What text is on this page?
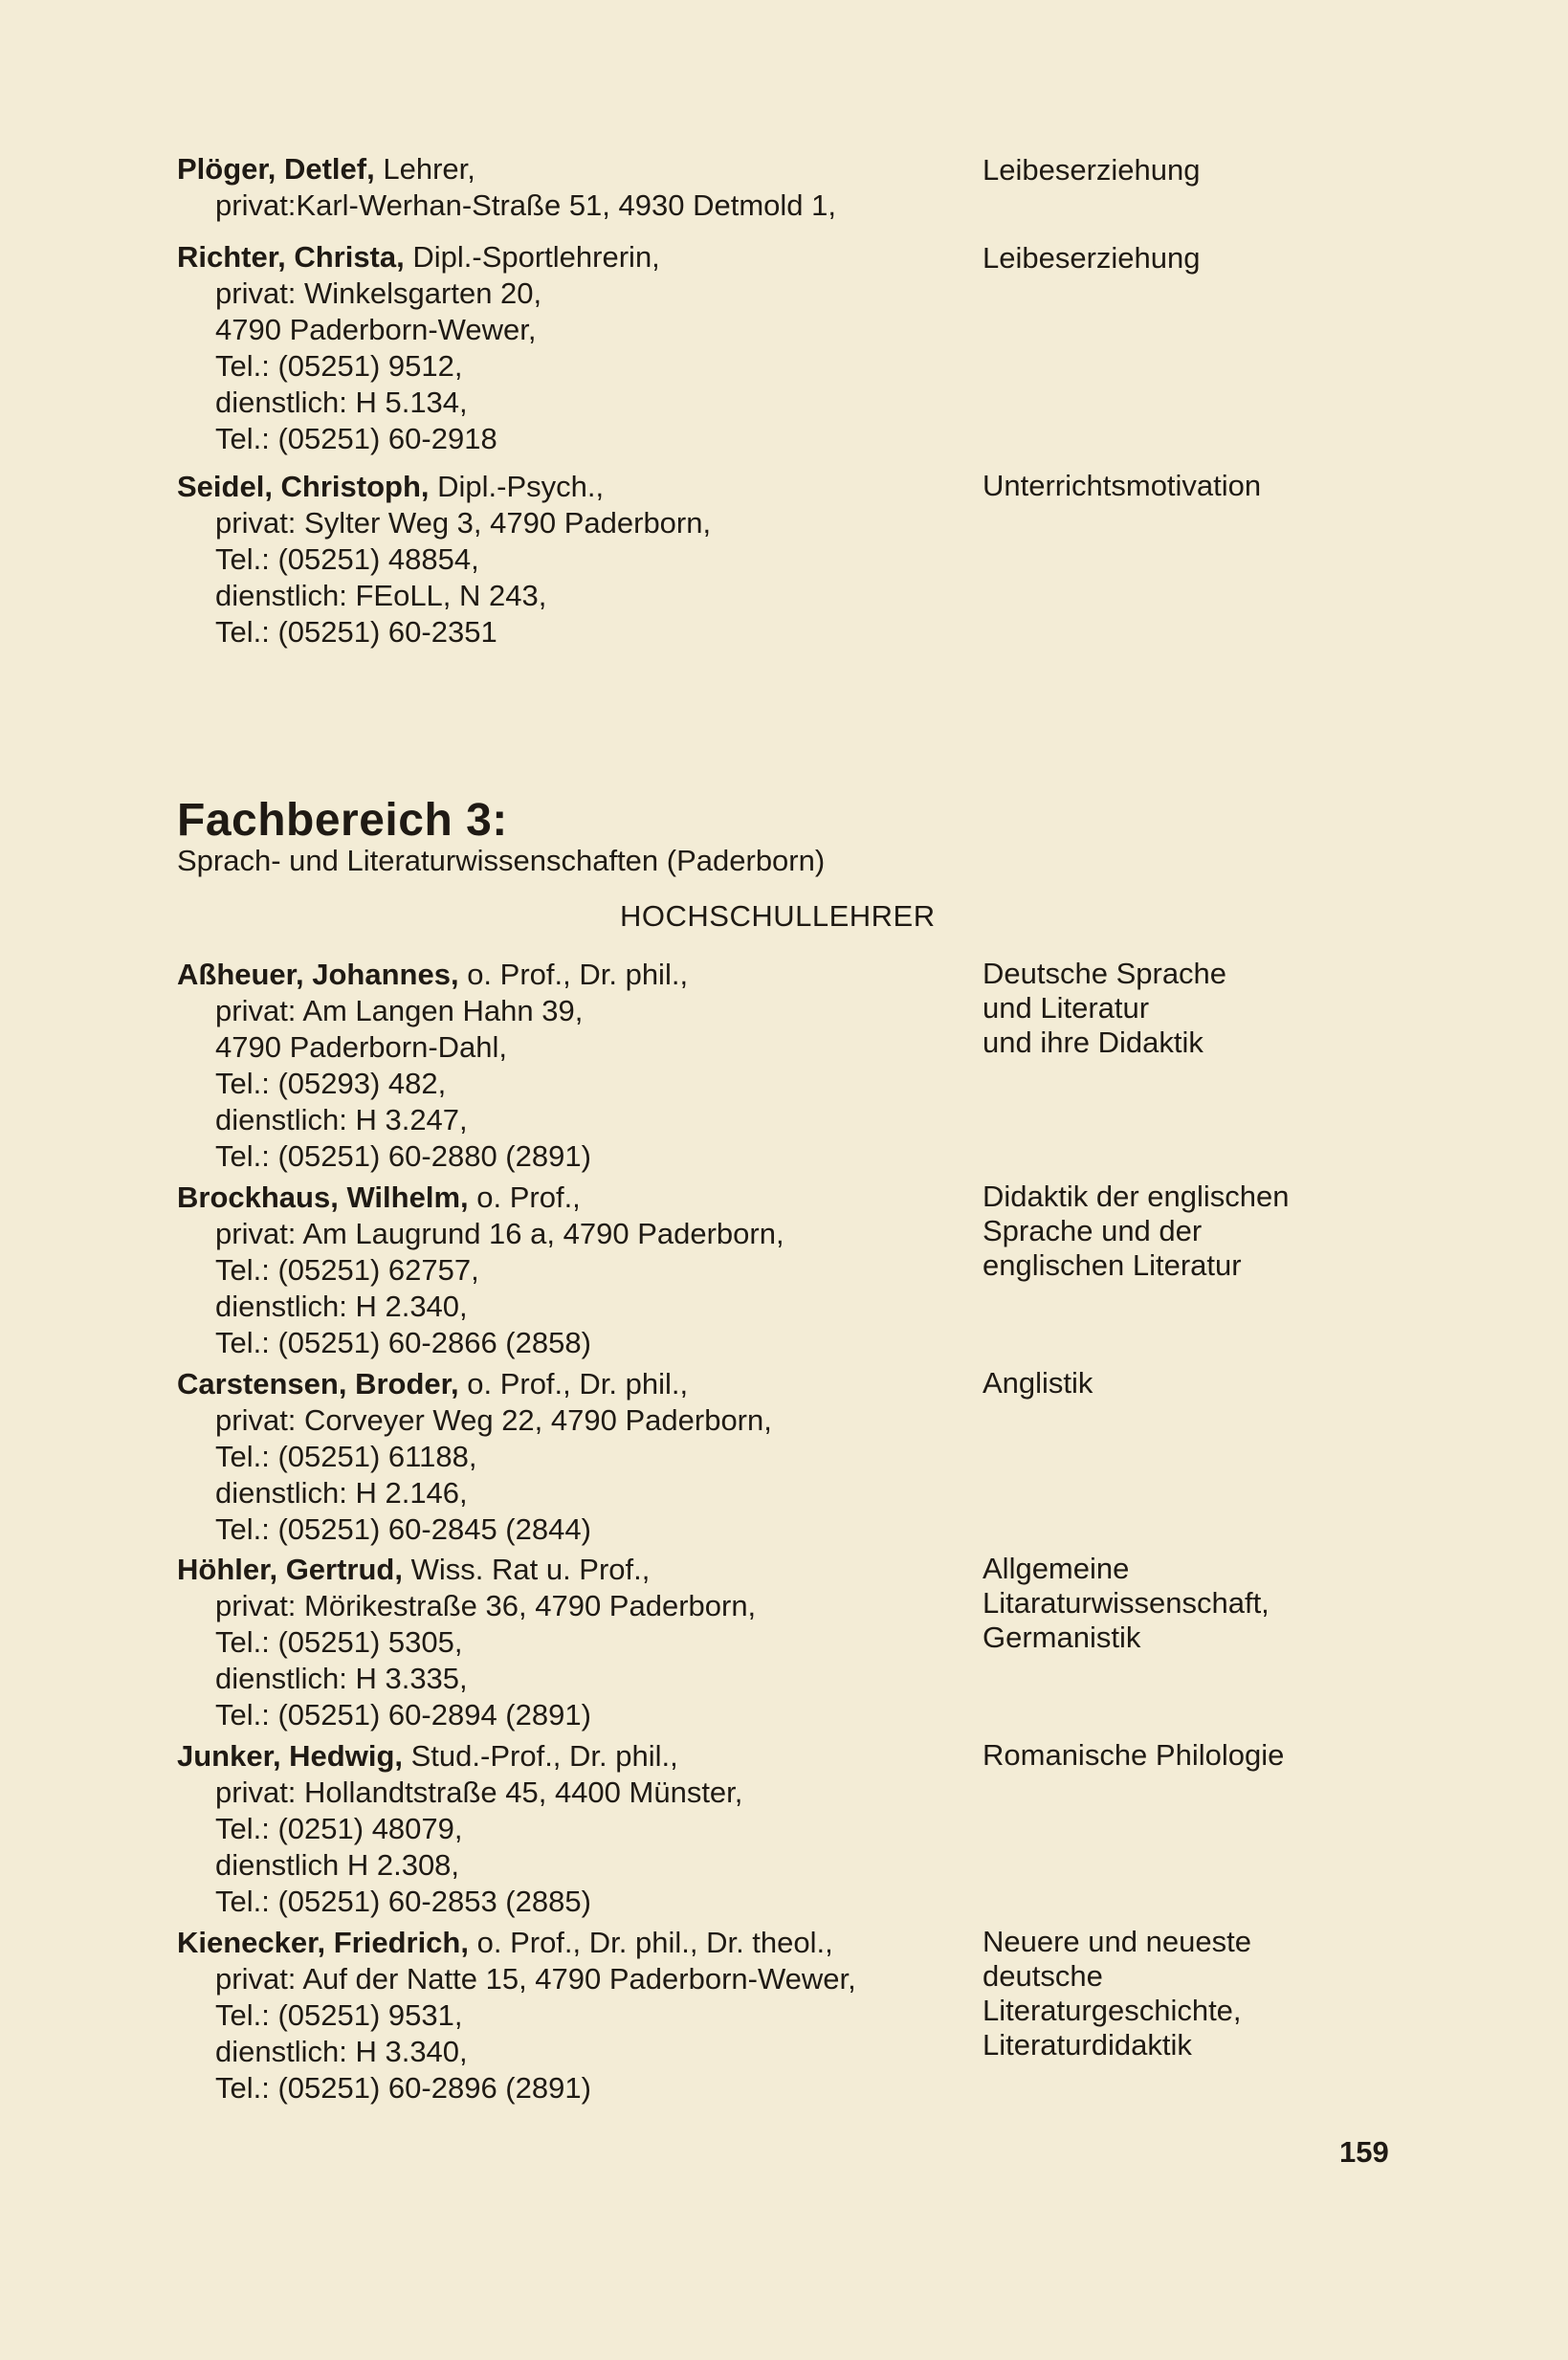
Plöger, Detlef, Lehrer,
privat:Karl-Werhan-Straße 51, 4930 Detmold 1,
Leibeserziehung
Richter, Christa, Dipl.-Sportlehrerin,
privat: Winkelsgarten 20,
4790 Paderborn-Wewer,
Tel.: (05251) 9512,
dienstlich: H 5.134,
Tel.: (05251) 60-2918
Leibeserziehung
Seidel, Christoph, Dipl.-Psych.,
privat: Sylter Weg 3, 4790 Paderborn,
Tel.: (05251) 48854,
dienstlich: FEoLL, N 243,
Tel.: (05251) 60-2351
Unterrichtsmotivation
Fachbereich 3:
Sprach- und Literaturwissenschaften (Paderborn)
HOCHSCHULLEHRER
Aßheuer, Johannes, o. Prof., Dr. phil.,
privat: Am Langen Hahn 39,
4790 Paderborn-Dahl,
Tel.: (05293) 482,
dienstlich: H 3.247,
Tel.: (05251) 60-2880 (2891)
Deutsche Sprache
und Literatur
und ihre Didaktik
Brockhaus, Wilhelm, o. Prof.,
privat: Am Laugrund 16 a, 4790 Paderborn,
Tel.: (05251) 62757,
dienstlich: H 2.340,
Tel.: (05251) 60-2866 (2858)
Didaktik der englischen
Sprache und der
englischen Literatur
Carstensen, Broder, o. Prof., Dr. phil.,
privat: Corveyer Weg 22, 4790 Paderborn,
Tel.: (05251) 61188,
dienstlich: H 2.146,
Tel.: (05251) 60-2845 (2844)
Anglistik
Höhler, Gertrud, Wiss. Rat u. Prof.,
privat: Mörikestraße 36, 4790 Paderborn,
Tel.: (05251) 5305,
dienstlich: H 3.335,
Tel.: (05251) 60-2894 (2891)
Allgemeine
Litaraturwissenschaft,
Germanistik
Junker, Hedwig, Stud.-Prof., Dr. phil.,
privat: Hollandtstraße 45, 4400 Münster,
Tel.: (0251) 48079,
dienstlich H 2.308,
Tel.: (05251) 60-2853 (2885)
Romanische Philologie
Kienecker, Friedrich, o. Prof., Dr. phil., Dr. theol.,
privat: Auf der Natte 15, 4790 Paderborn-Wewer,
Tel.: (05251) 9531,
dienstlich: H 3.340,
Tel.: (05251) 60-2896 (2891)
Neuere und neueste
deutsche
Literaturgeschichte,
Literaturdidaktik
159
